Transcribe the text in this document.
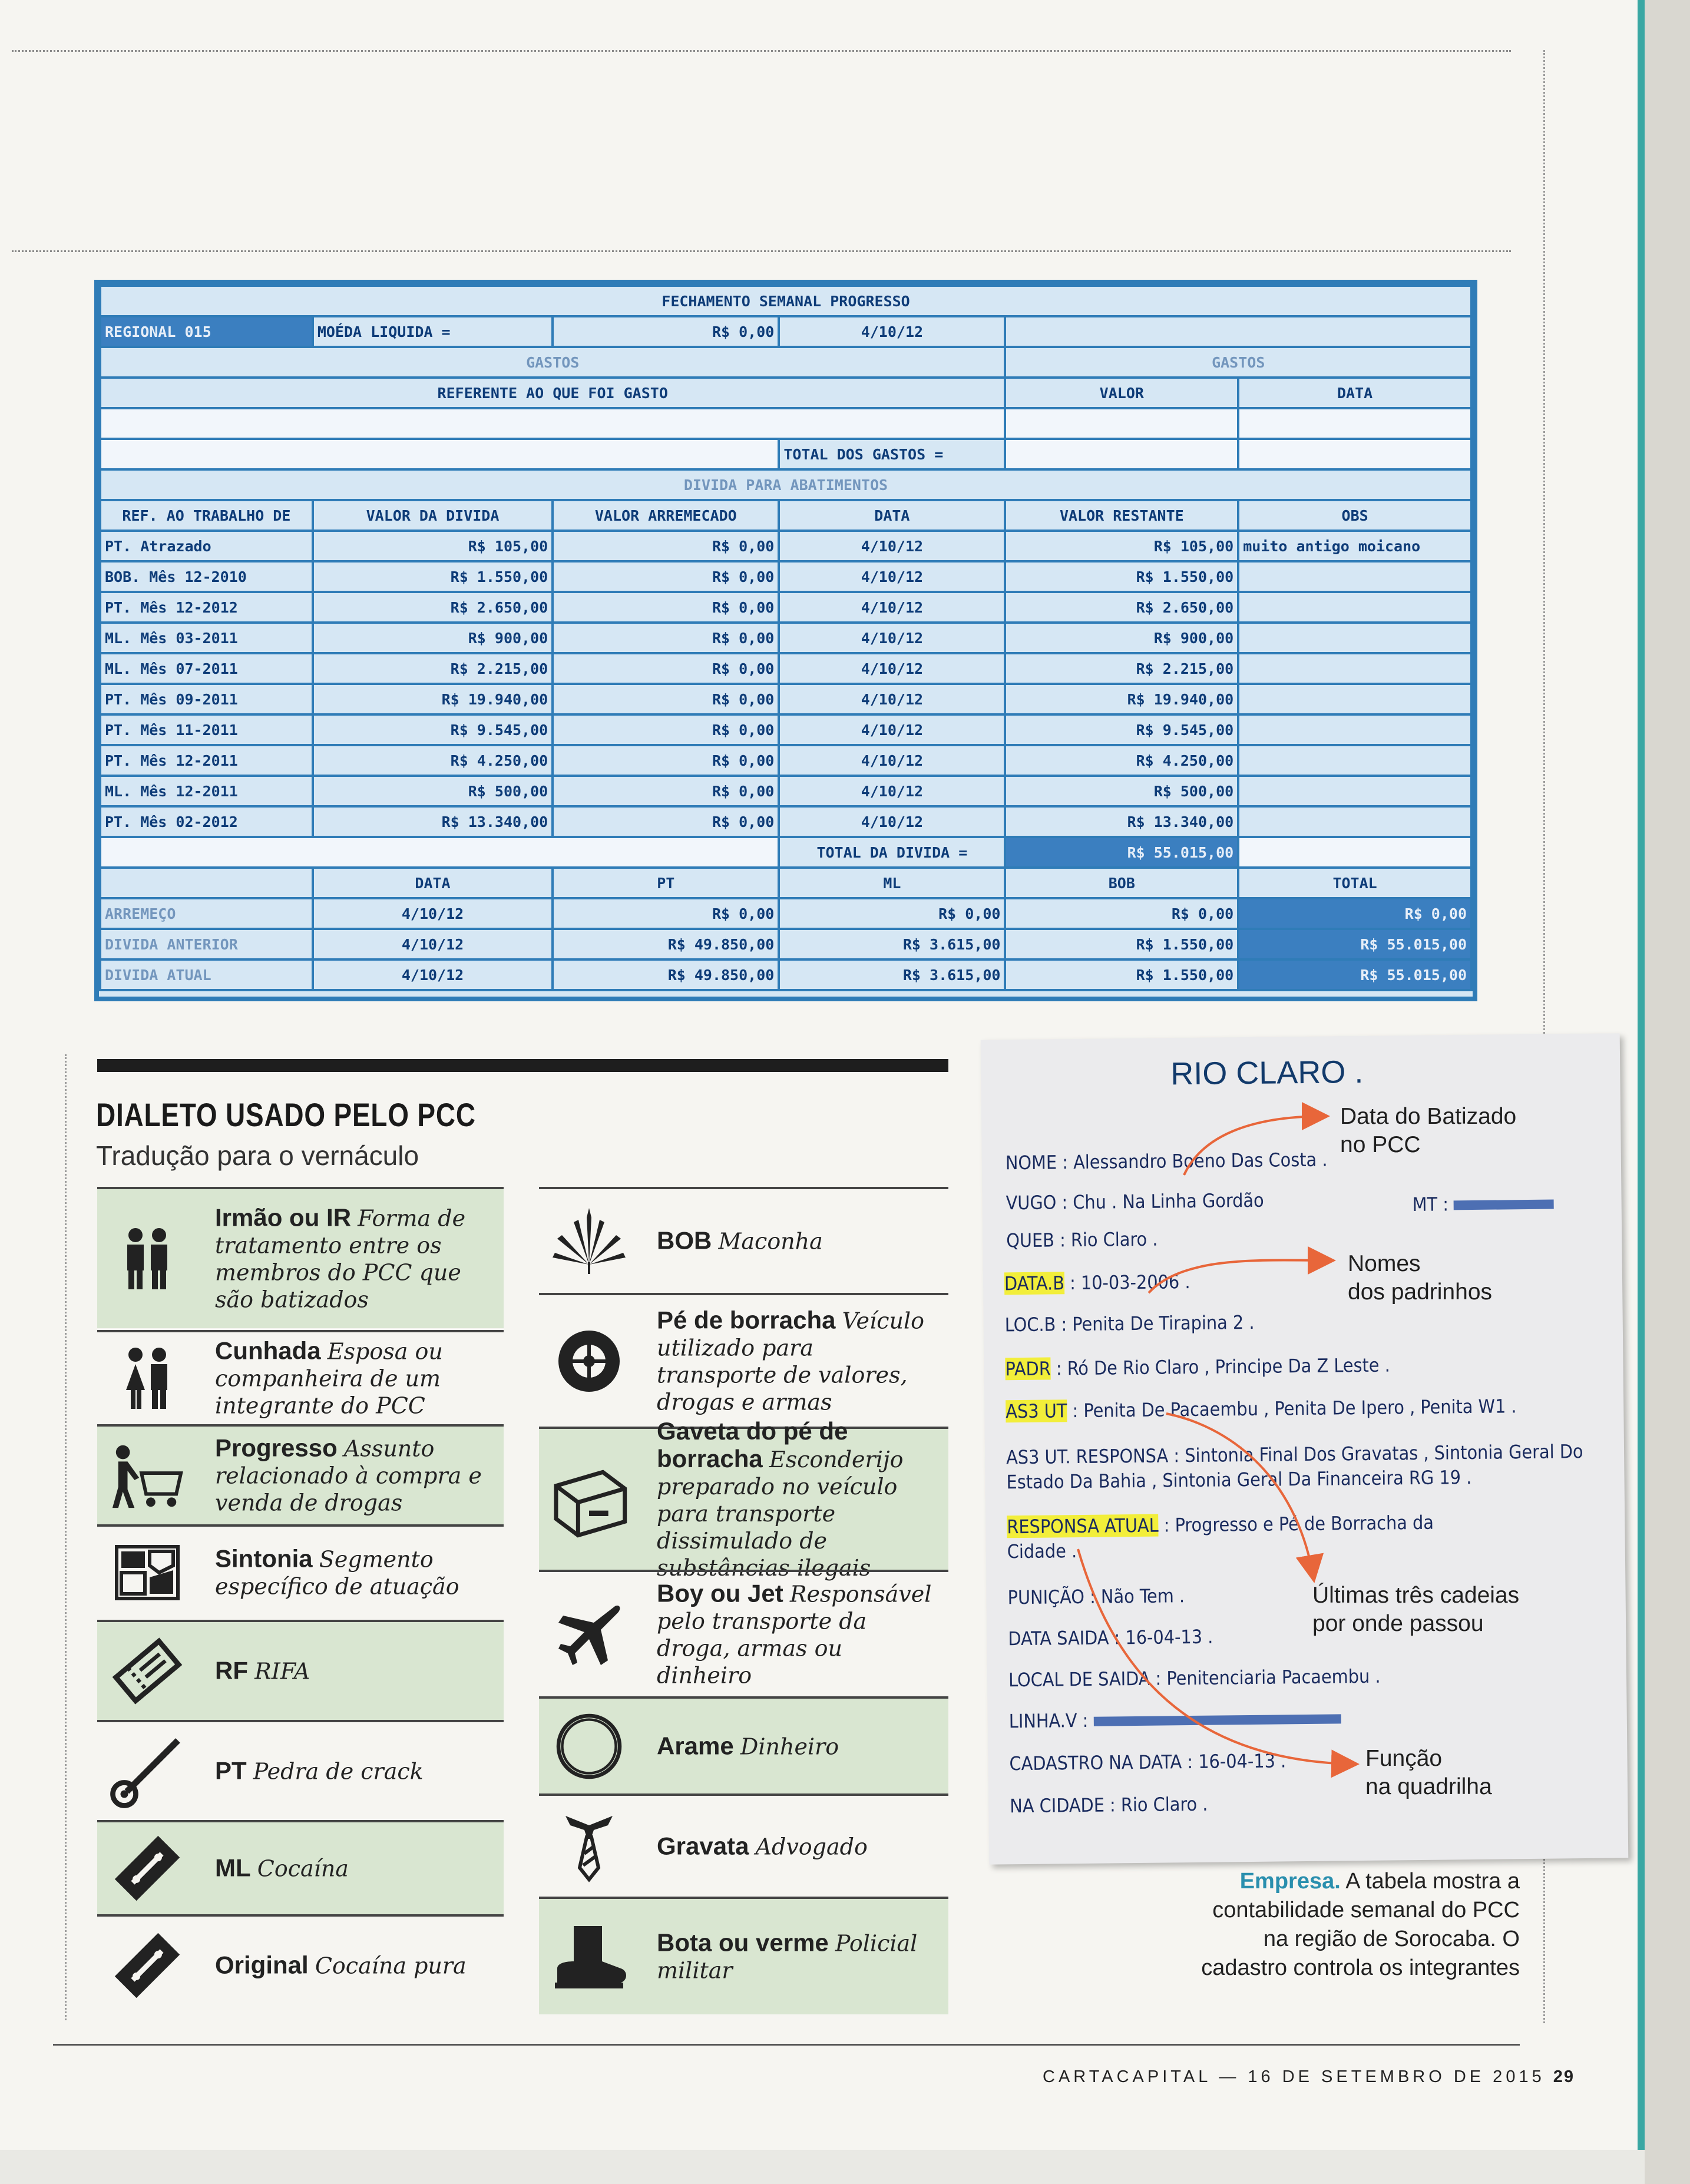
FECHAMENTO SEMANAL PROGRESSO					
REGIONAL 015	MOÉDA LIQUIDA =	R$ 0,00	4/10/12		
GASTOS				GASTOS	
REFERENTE AO QUE FOI GASTO				VALOR	DATA

			TOTAL DOS GASTOS =		
DIVIDA PARA ABATIMENTOS					
REF. AO TRABALHO DE	VALOR DA DIVIDA	VALOR ARREMECADO	DATA	VALOR RESTANTE	OBS
PT. Atrazado	R$ 105,00	R$ 0,00	4/10/12	R$ 105,00	muito antigo moicano
BOB. Mês 12-2010	R$ 1.550,00	R$ 0,00	4/10/12	R$ 1.550,00	
PT. Mês 12-2012	R$ 2.650,00	R$ 0,00	4/10/12	R$ 2.650,00	
ML. Mês 03-2011	R$ 900,00	R$ 0,00	4/10/12	R$ 900,00	
ML. Mês 07-2011	R$ 2.215,00	R$ 0,00	4/10/12	R$ 2.215,00	
PT. Mês 09-2011	R$ 19.940,00	R$ 0,00	4/10/12	R$ 19.940,00	
PT. Mês 11-2011	R$ 9.545,00	R$ 0,00	4/10/12	R$ 9.545,00	
PT. Mês 12-2011	R$ 4.250,00	R$ 0,00	4/10/12	R$ 4.250,00	
ML. Mês 12-2011	R$ 500,00	R$ 0,00	4/10/12	R$ 500,00	
PT. Mês 02-2012	R$ 13.340,00	R$ 0,00	4/10/12	R$ 13.340,00	
			TOTAL DA DIVIDA =	R$ 55.015,00	
	DATA	PT	ML	BOB	TOTAL
ARREMEÇO	4/10/12	R$ 0,00	R$ 0,00	R$ 0,00	R$ 0,00
DIVIDA ANTERIOR	4/10/12	R$ 49.850,00	R$ 3.615,00	R$ 1.550,00	R$ 55.015,00
DIVIDA ATUAL	4/10/12	R$ 49.850,00	R$ 3.615,00	R$ 1.550,00	R$ 55.015,00
DIALETO USADO PELO PCC
Tradução para o vernáculo
Irmão ou IR Forma de tratamento entre os membros do PCC que são batizados
Cunhada Esposa ou companheira de um integrante do PCC
Progresso Assunto relacionado à compra e venda de drogas
Sintonia Segmento específico de atuação
RF RIFA
PT Pedra de crack
ML Cocaína
Original Cocaína pura
BOB Maconha
Pé de borracha Veículo utilizado para transporte de valores, drogas e armas
Gaveta do pé de borracha Esconderijo preparado no veículo para transporte dissimulado de substâncias ilegais
Boy ou Jet Responsável pelo transporte da droga, armas ou dinheiro
Arame Dinheiro
Gravata Advogado
Bota ou verme Policial militar
RIO CLARO .
NOME : Alessandro Boeno Das Costa .
VUGO : Chu . Na Linha Gordão	MT :
QUEB : Rio Claro .
DATA.B : 10-03-2006 .
LOC.B : Penita De Tirapina 2 .
PADR : Ró De Rio Claro , Principe Da Z Leste .
AS3 UT : Penita De Pacaembu , Penita De Ipero , Penita W1 .
AS3 UT. RESPONSA : Sintonia Final Dos Gravatas , Sintonia Geral Do
Estado Da Bahia , Sintonia Geral Da Financeira RG 19 .
RESPONSA ATUAL : Progresso e Pé de Borracha da
Cidade .
PUNIÇÃO : Não Tem .
DATA SAIDA : 16-04-13 .
LOCAL DE SAIDA : Penitenciaria Pacaembu .
LINHA.V :
CADASTRO NA DATA : 16-04-13 .
NA CIDADE : Rio Claro .
Data do Batizado
no PCC
Nomes
dos padrinhos
Últimas três cadeias
por onde passou
Função
na quadrilha
Empresa. A tabela mostra a contabilidade semanal do PCC na região de Sorocaba. O cadastro controla os integrantes
CARTACAPITAL — 16 DE SETEMBRO DE 2015 29
